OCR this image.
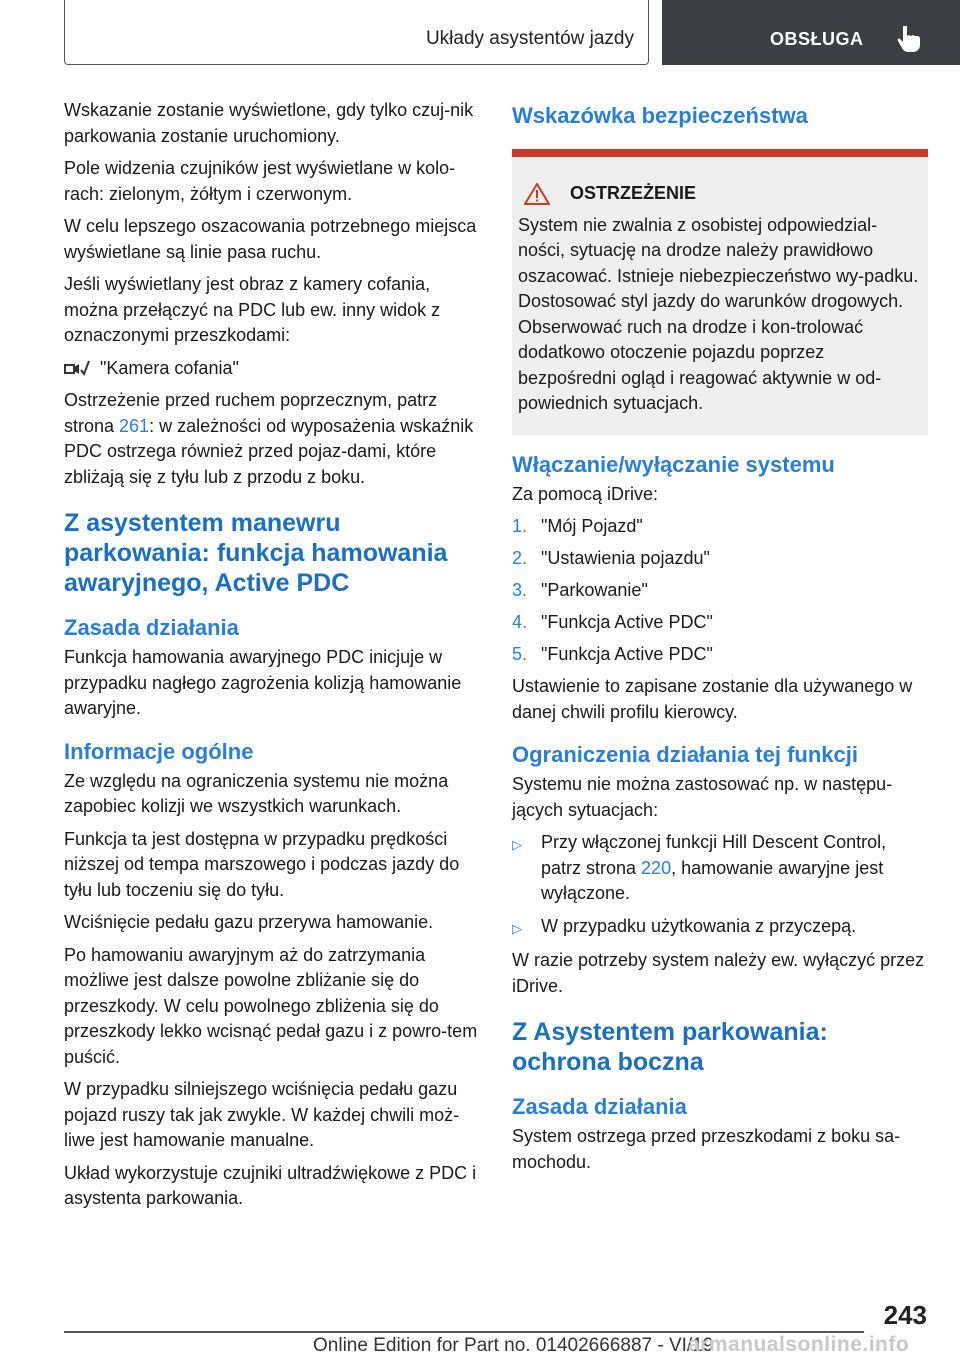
Układy asystentów jazdy	OBSŁUGA

Wskazanie zostanie wyświetlone, gdy tylko czuj-nik parkowania zostanie uruchomiony.

Pole widzenia czujników jest wyświetlane w kolo-rach: zielonym, żółtym i czerwonym.

W celu lepszego oszacowania potrzebnego miejsca wyświetlane są linie pasa ruchu.

Jeśli wyświetlany jest obraz z kamery cofania, można przełączyć na PDC lub ew. inny widok z oznaczonymi przeszkodami:

"Kamera cofania"

Ostrzeżenie przed ruchem poprzecznym, patrz strona 261: w zależności od wyposażenia wskaźnik PDC ostrzega również przed pojaz-dami, które zbliżają się z tyłu lub z przodu z boku.

Z asystentem manewru parkowania: funkcja hamowania awaryjnego, Active PDC
Zasada działania

Funkcja hamowania awaryjnego PDC inicjuje w przypadku nagłego zagrożenia kolizją hamowanie awaryjne.

Informacje ogólne

Ze względu na ograniczenia systemu nie można zapobiec kolizji we wszystkich warunkach.

Funkcja ta jest dostępna w przypadku prędkości niższej od tempa marszowego i podczas jazdy do tyłu lub toczeniu się do tyłu.

Wciśnięcie pedału gazu przerywa hamowanie.

Po hamowaniu awaryjnym aż do zatrzymania możliwe jest dalsze powolne zbliżanie się do przeszkody. W celu powolnego zbliżenia się do przeszkody lekko wcisnąć pedał gazu i z powro-tem puścić.

W przypadku silniejszego wciśnięcia pedału gazu pojazd ruszy tak jak zwykle. W każdej chwili moż-liwe jest hamowanie manualne.

Układ wykorzystuje czujniki ultradźwiękowe z PDC i asystenta parkowania.

Wskazówka bezpieczeństwa
OSTRZEŻENIE

System nie zwalnia z osobistej odpowiedzial-ności, sytuację na drodze należy prawidłowo oszacować. Istnieje niebezpieczeństwo wy-padku. Dostosować styl jazdy do warunków drogowych. Obserwować ruch na drodze i kon-trolować dodatkowo otoczenie pojazdu poprzez bezpośredni ogląd i reagować aktywnie w od-powiednich sytuacjach.

Włączanie/wyłączanie systemu

Za pomocą iDrive:

1. "Mój Pojazd"
2. "Ustawienia pojazdu"
3. "Parkowanie"
4. "Funkcja Active PDC"
5. "Funkcja Active PDC"

Ustawienie to zapisane zostanie dla używanego w danej chwili profilu kierowcy.

Ograniczenia działania tej funkcji

Systemu nie można zastosować np. w następu-jących sytuacjach:

▷	Przy włączonej funkcji Hill Descent Control, patrz strona 220, hamowanie awaryjne jest wyłączone.
▷	W przypadku użytkowania z przyczepą.

W razie potrzeby system należy ew. wyłączyć przez iDrive.

Z Asystentem parkowania: ochrona boczna
Zasada działania

System ostrzega przed przeszkodami z boku sa-mochodu.

243
Online Edition for Part no. 01402666887 - VI/19
armanualsonline.info
